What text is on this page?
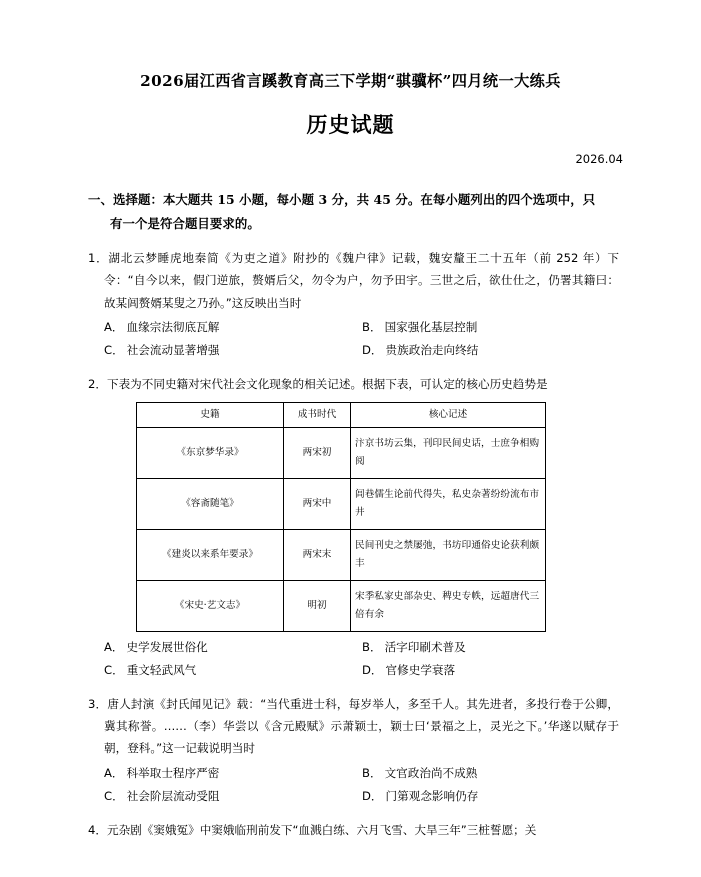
2026届江西省言蹊教育高三下学期“骐骥杯”四月统一大练兵
历史试题
2026.04
一、选择题：本大题共 15 小题，每小题 3 分，共 45 分。在每小题列出的四个选项中，只
有一个是符合题目要求的。
1．湖北云梦睡虎地秦简《为吏之道》附抄的《魏户律》记载，魏安釐王二十五年（前 252 年）下令：“自今以来，假门逆旅，赘婿后父，勿令为户，勿予田宇。三世之后，欲仕仕之，仍署其籍曰：故某闾赘婿某叟之乃孙。”这反映出当时
A． 血缘宗法彻底瓦解	B． 国家强化基层控制
C． 社会流动显著增强	D． 贵族政治走向终结
2．下表为不同史籍对宋代社会文化现象的相关记述。根据下表，可认定的核心历史趋势是
史籍	成书时代	核心记述
《东京梦华录》	两宋初	汴京书坊云集，刊印民间史话，士庶争相购阅
《容斋随笔》	两宋中	闾巷儒生论前代得失，私史杂著纷纷流布市井
《建炎以来系年要录》	两宋末	民间刊史之禁屡弛，书坊印通俗史论获利颇丰
《宋史·艺文志》	明初	宋季私家史部杂史、稗史专帙，远超唐代三倍有余
A． 史学发展世俗化	B． 活字印刷术普及
C． 重文轻武风气	D． 官修史学衰落
3．唐人封演《封氏闻见记》载：“当代重进士科，每岁举人，多至千人。其先进者，多投行卷于公卿，冀其称誉。……（李）华尝以《含元殿赋》示萧颖士，颖士曰‘景福之上，灵光之下。’华遂以赋存于朝，登科。”这一记载说明当时
A． 科举取士程序严密	B． 文官政治尚不成熟
C． 社会阶层流动受阻	D． 门第观念影响仍存
4．元杂剧《窦娥冤》中窦娥临刑前发下“血溅白练、六月飞雪、大旱三年”三桩誓愿；关
